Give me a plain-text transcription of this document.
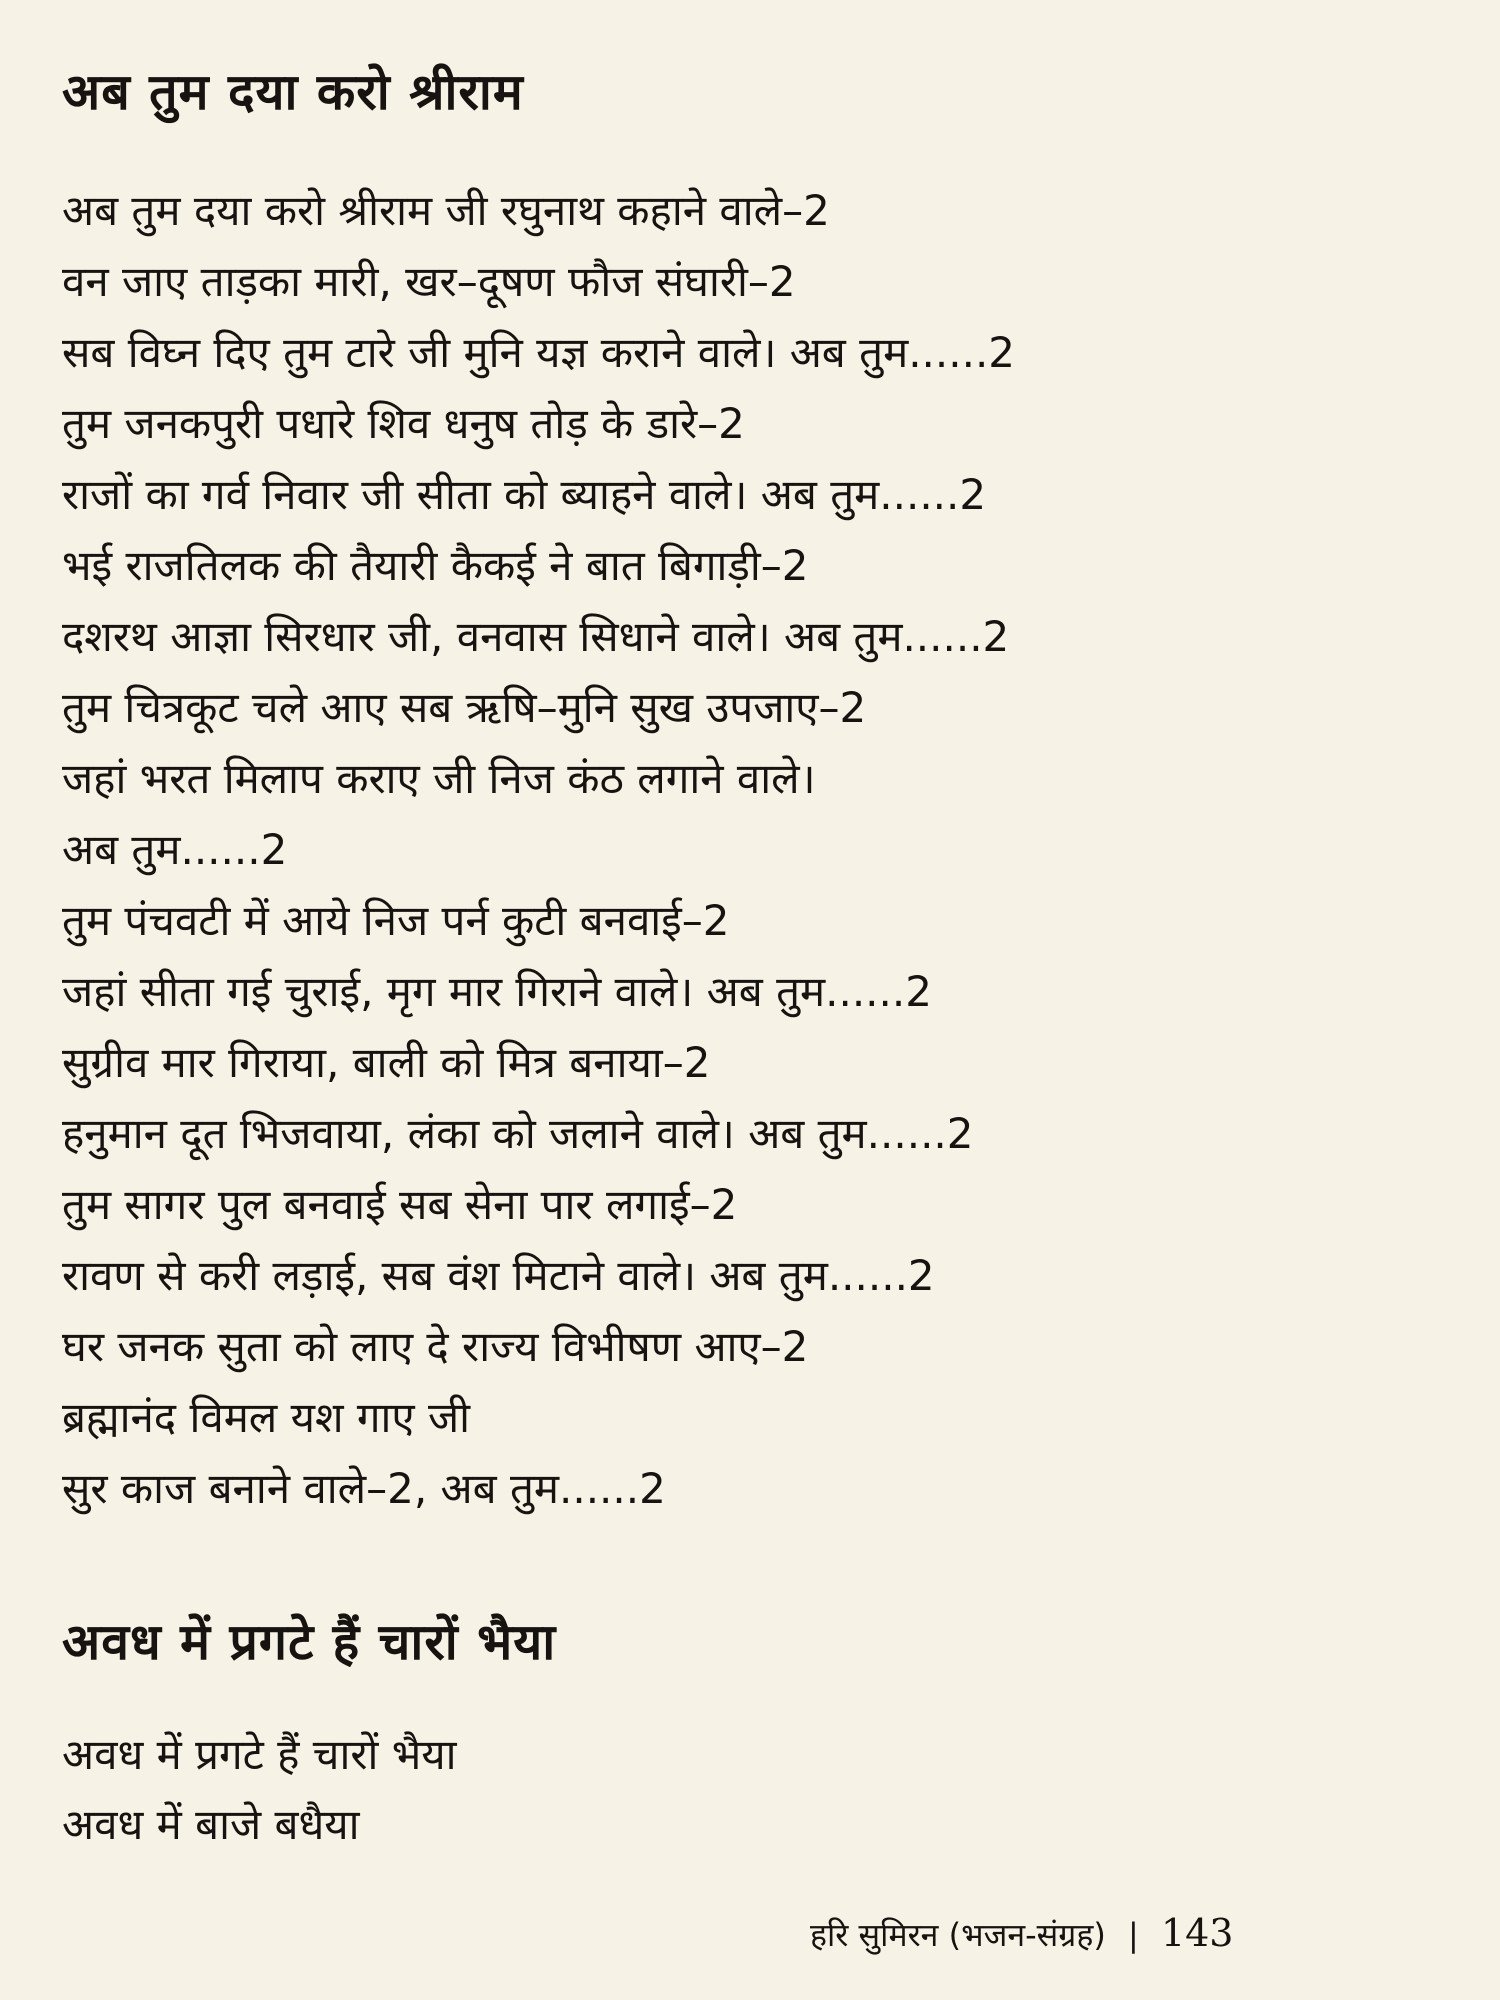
अब तुम दया करो श्रीराम
अब तुम दया करो श्रीराम जी रघुनाथ कहाने वाले–2
वन जाए ताड़का मारी, खर–दूषण फौज संघारी–2
सब विघ्न दिए तुम टारे जी मुनि यज्ञ कराने वाले। अब तुम......2
तुम जनकपुरी पधारे शिव धनुष तोड़ के डारे–2
राजों का गर्व निवार जी सीता को ब्याहने वाले। अब तुम......2
भई राजतिलक की तैयारी कैकई ने बात बिगाड़ी–2
दशरथ आज्ञा सिरधार जी, वनवास सिधाने वाले। अब तुम......2
तुम चित्रकूट चले आए सब ऋषि–मुनि सुख उपजाए–2
जहां भरत मिलाप कराए जी निज कंठ लगाने वाले।
अब तुम......2
तुम पंचवटी में आये निज पर्न कुटी बनवाई–2
जहां सीता गई चुराई, मृग मार गिराने वाले। अब तुम......2
सुग्रीव मार गिराया, बाली को मित्र बनाया–2
हनुमान दूत भिजवाया, लंका को जलाने वाले। अब तुम......2
तुम सागर पुल बनवाई सब सेना पार लगाई–2
रावण से करी लड़ाई, सब वंश मिटाने वाले। अब तुम......2
घर जनक सुता को लाए दे राज्य विभीषण आए–2
ब्रह्मानंद विमल यश गाए जी
सुर काज बनाने वाले–2, अब तुम......2
अवध में प्रगटे हैं चारों भैया
अवध में प्रगटे हैं चारों भैया
अवध में बाजे बधैया
हरि सुमिरन (भजन-संग्रह) | 143
